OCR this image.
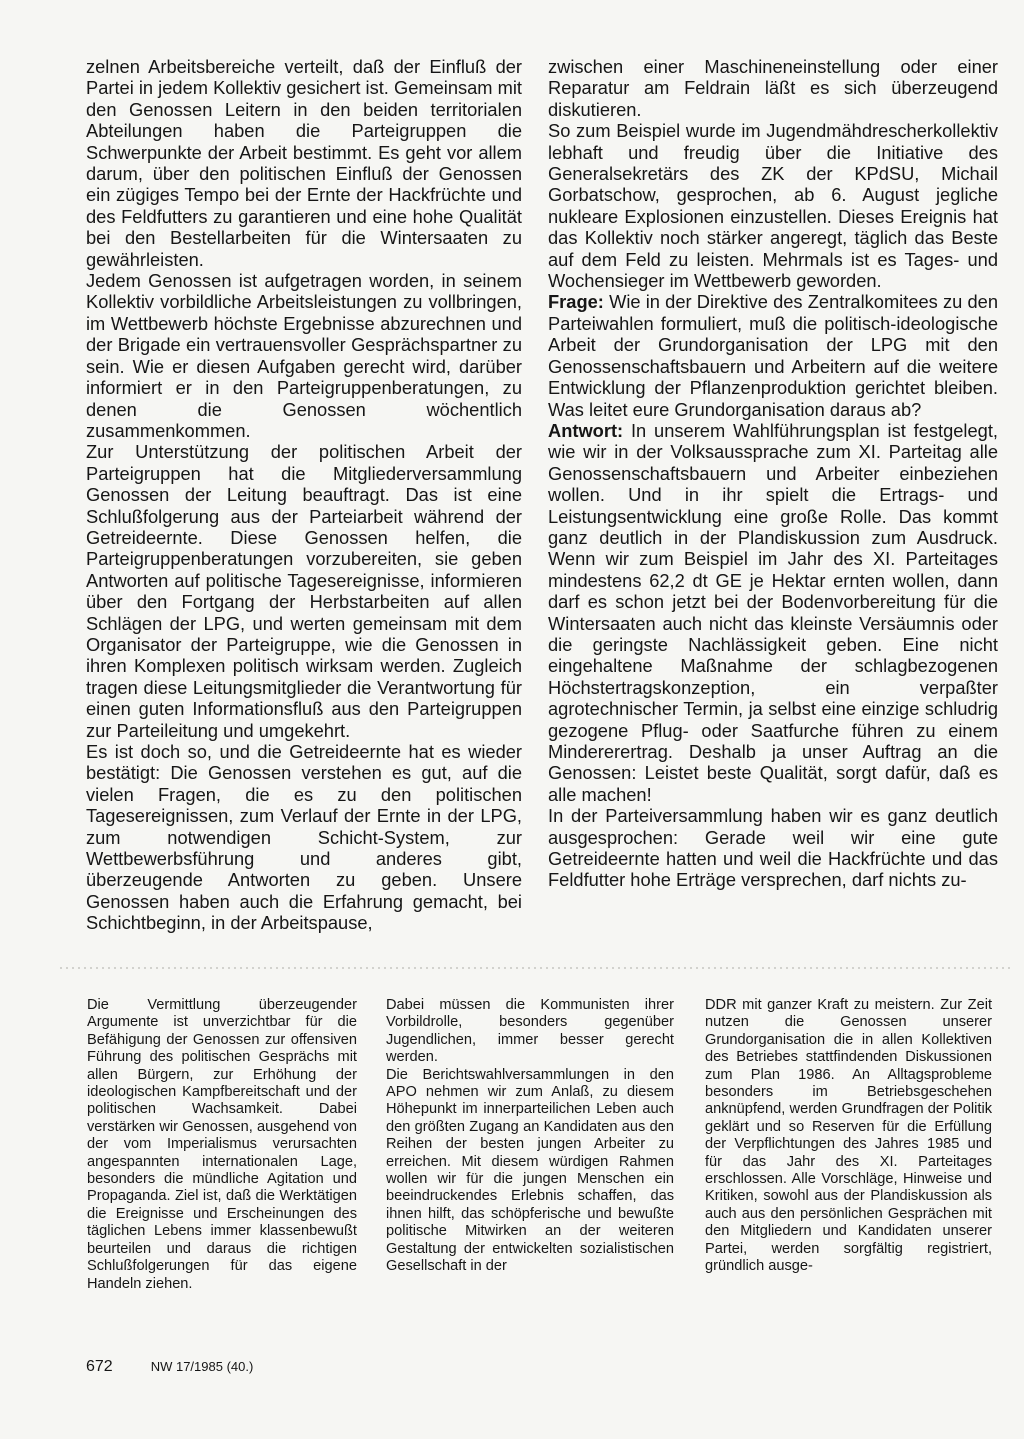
zelnen Arbeitsbereiche verteilt, daß der Einfluß der Partei in jedem Kollektiv gesichert ist. Gemeinsam mit den Genossen Leitern in den beiden territorialen Abteilungen haben die Parteigruppen die Schwerpunkte der Arbeit bestimmt. Es geht vor allem darum, über den politischen Einfluß der Genossen ein zügiges Tempo bei der Ernte der Hackfrüchte und des Feldfutters zu garantieren und eine hohe Qualität bei den Bestellarbeiten für die Wintersaaten zu gewährleisten.

Jedem Genossen ist aufgetragen worden, in seinem Kollektiv vorbildliche Arbeitsleistungen zu vollbringen, im Wettbewerb höchste Ergebnisse abzurechnen und der Brigade ein vertrauensvoller Gesprächspartner zu sein. Wie er diesen Aufgaben gerecht wird, darüber informiert er in den Parteigruppenberatungen, zu denen die Genossen wöchentlich zusammenkommen.

Zur Unterstützung der politischen Arbeit der Parteigruppen hat die Mitgliederversammlung Genossen der Leitung beauftragt. Das ist eine Schlußfolgerung aus der Parteiarbeit während der Getreideernte. Diese Genossen helfen, die Parteigruppenberatungen vorzubereiten, sie geben Antworten auf politische Tagesereignisse, informieren über den Fortgang der Herbstarbeiten auf allen Schlägen der LPG, und werten gemeinsam mit dem Organisator der Parteigruppe, wie die Genossen in ihren Komplexen politisch wirksam werden. Zugleich tragen diese Leitungsmitglieder die Verantwortung für einen guten Informationsfluß aus den Parteigruppen zur Parteileitung und umgekehrt.

Es ist doch so, und die Getreideernte hat es wieder bestätigt: Die Genossen verstehen es gut, auf die vielen Fragen, die es zu den politischen Tagesereignissen, zum Verlauf der Ernte in der LPG, zum notwendigen Schicht-System, zur Wettbewerbsführung und anderes gibt, überzeugende Antworten zu geben. Unsere Genossen haben auch die Erfahrung gemacht, bei Schichtbeginn, in der Arbeitspause,

zwischen einer Maschineneinstellung oder einer Reparatur am Feldrain läßt es sich überzeugend diskutieren.

So zum Beispiel wurde im Jugendmähdrescherkollektiv lebhaft und freudig über die Initiative des Generalsekretärs des ZK der KPdSU, Michail Gorbatschow, gesprochen, ab 6. August jegliche nukleare Explosionen einzustellen. Dieses Ereignis hat das Kollektiv noch stärker angeregt, täglich das Beste auf dem Feld zu leisten. Mehrmals ist es Tages- und Wochensieger im Wettbewerb geworden.

Frage: Wie in der Direktive des Zentralkomitees zu den Parteiwahlen formuliert, muß die politisch-ideologische Arbeit der Grundorganisation der LPG mit den Genossenschaftsbauern und Arbeitern auf die weitere Entwicklung der Pflanzenproduktion gerichtet bleiben. Was leitet eure Grundorganisation daraus ab?

Antwort: In unserem Wahlführungsplan ist festgelegt, wie wir in der Volksaussprache zum XI. Parteitag alle Genossenschaftsbauern und Arbeiter einbeziehen wollen. Und in ihr spielt die Ertrags- und Leistungsentwicklung eine große Rolle. Das kommt ganz deutlich in der Plandiskussion zum Ausdruck. Wenn wir zum Beispiel im Jahr des XI. Parteitages mindestens 62,2 dt GE je Hektar ernten wollen, dann darf es schon jetzt bei der Bodenvorbereitung für die Wintersaaten auch nicht das kleinste Versäumnis oder die geringste Nachlässigkeit geben. Eine nicht eingehaltene Maßnahme der schlagbezogenen Höchstertragskonzeption, ein verpaßter agrotechnischer Termin, ja selbst eine einzige schludrig gezogene Pflug- oder Saatfurche führen zu einem Mindererertrag. Deshalb ja unser Auftrag an die Genossen: Leistet beste Qualität, sorgt dafür, daß es alle machen!

In der Parteiversammlung haben wir es ganz deutlich ausgesprochen: Gerade weil wir eine gute Getreideernte hatten und weil die Hackfrüchte und das Feldfutter hohe Erträge versprechen, darf nichts zu-

Die Vermittlung überzeugender Argumente ist unverzichtbar für die Befähigung der Genossen zur offensiven Führung des politischen Gesprächs mit allen Bürgern, zur Erhöhung der ideologischen Kampfbereitschaft und der politischen Wachsamkeit. Dabei verstärken wir Genossen, ausgehend von der vom Imperialismus verursachten angespannten internationalen Lage, besonders die mündliche Agitation und Propaganda. Ziel ist, daß die Werktätigen die Ereignisse und Erscheinungen des täglichen Lebens immer klassenbewußt beurteilen und daraus die richtigen Schlußfolgerungen für das eigene Handeln ziehen.

Dabei müssen die Kommunisten ihrer Vorbildrolle, besonders gegenüber Jugendlichen, immer besser gerecht werden.

Die Berichtswahlversammlungen in den APO nehmen wir zum Anlaß, zu diesem Höhepunkt im innerparteilichen Leben auch den größten Zugang an Kandidaten aus den Reihen der besten jungen Arbeiter zu erreichen. Mit diesem würdigen Rahmen wollen wir für die jungen Menschen ein beeindruckendes Erlebnis schaffen, das ihnen hilft, das schöpferische und bewußte politische Mitwirken an der weiteren Gestaltung der entwickelten sozialistischen Gesellschaft in der

DDR mit ganzer Kraft zu meistern. Zur Zeit nutzen die Genossen unserer Grundorganisation die in allen Kollektiven des Betriebes stattfindenden Diskussionen zum Plan 1986. An Alltagsprobleme besonders im Betriebsgeschehen anknüpfend, werden Grundfragen der Politik geklärt und so Reserven für die Erfüllung der Verpflichtungen des Jahres 1985 und für das Jahr des XI. Parteitages erschlossen. Alle Vorschläge, Hinweise und Kritiken, sowohl aus der Plandiskussion als auch aus den persönlichen Gesprächen mit den Mitgliedern und Kandidaten unserer Partei, werden sorgfältig registriert, gründlich ausge-

672	NW 17/1985 (40.)
